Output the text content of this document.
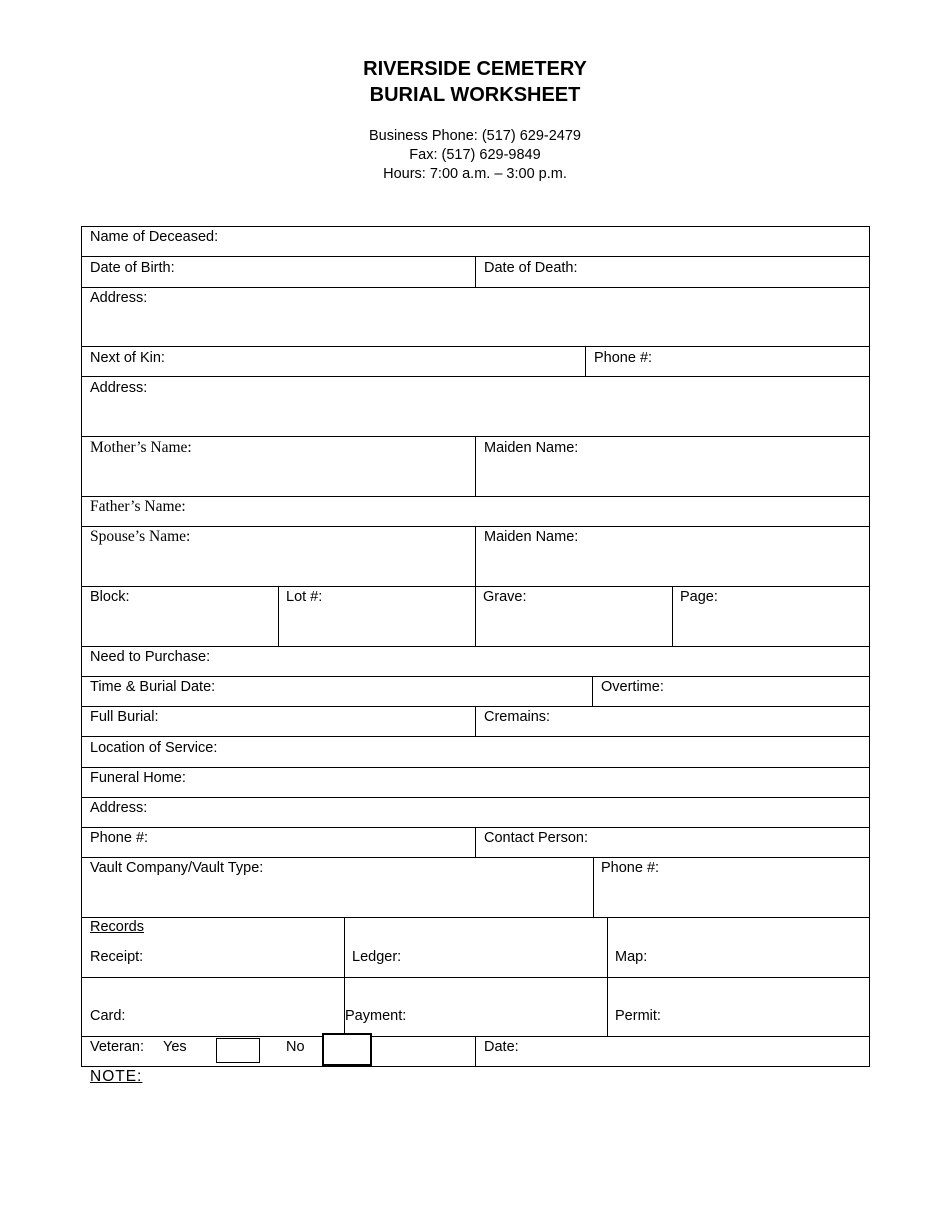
RIVERSIDE CEMETERY
BURIAL WORKSHEET
Business Phone: (517) 629-2479
Fax: (517) 629-9849
Hours: 7:00 a.m. – 3:00 p.m.
Name of Deceased:
Date of Birth:	Date of Death:
Address:
Next of Kin:	Phone #:
Address:
Mother’s Name:	Maiden Name:
Father’s Name:
Spouse’s Name:	Maiden Name:
Block:	Lot #:	Grave:	Page:
Need to Purchase:
Time & Burial Date:	Overtime:
Full Burial:	Cremains:
Location of Service:
Funeral Home:
Address:
Phone #:	Contact Person:
Vault Company/Vault Type:	Phone #:
Records
Receipt:	Ledger:	Map:
Card:	Payment:	Permit:
Veteran: Yes	No	Date:
NOTE:
